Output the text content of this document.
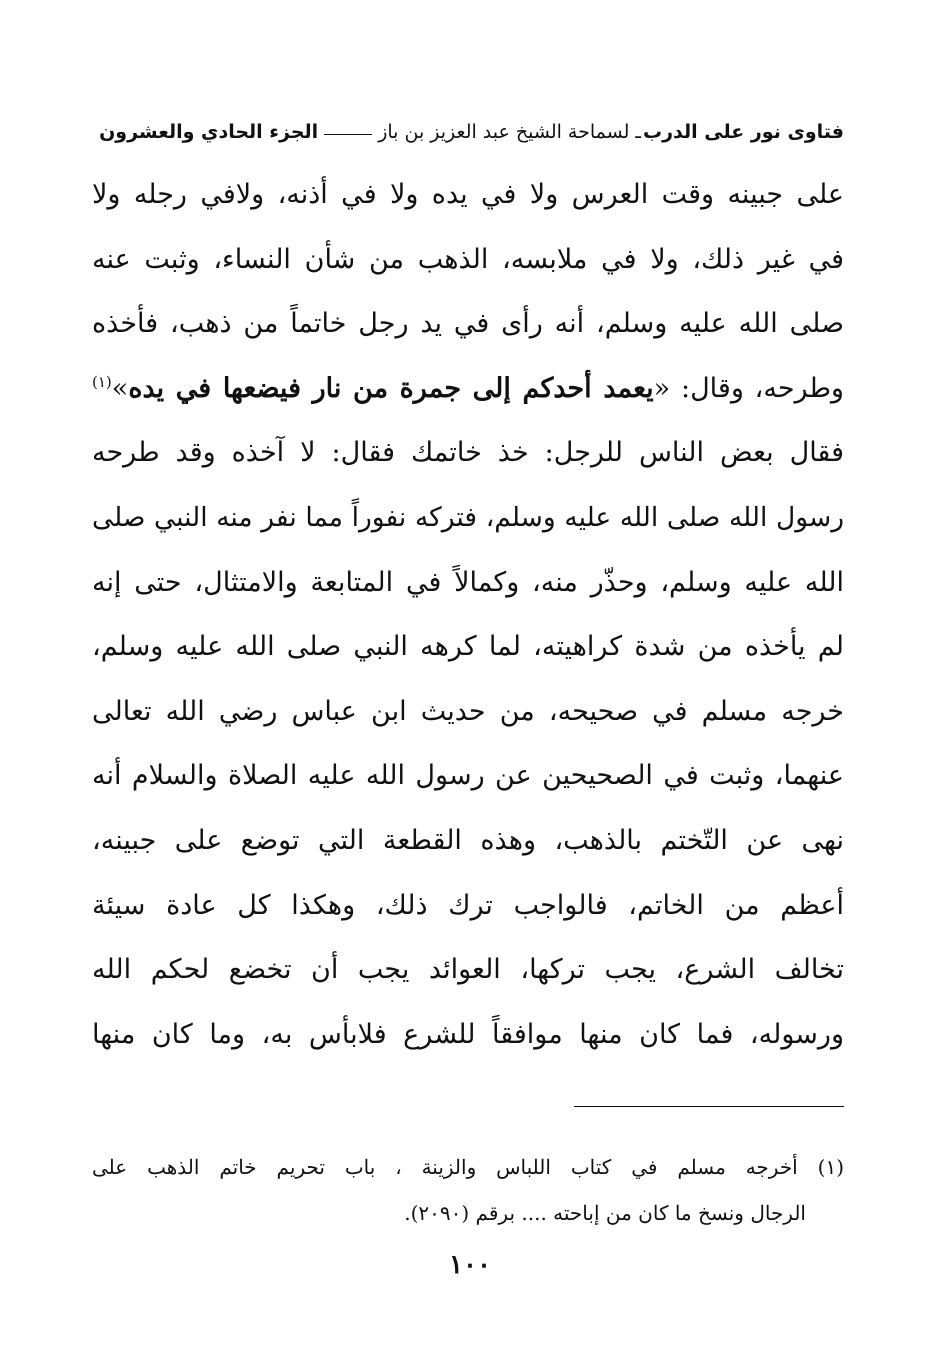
فتاوى نور على الدرب
ـ لسماحة الشيخ عبد العزيز بن باز
الجزء الحادي والعشرون
على جبينه وقت العرس ولا في يده ولا في أذنه، ولافي رجله ولا
في غير ذلك، ولا في ملابسه، الذهب من شأن النساء، وثبت عنه
صلى الله عليه وسلم، أنه رأى في يد رجل خاتماً من ذهب، فأخذه
وطرحه، وقال: «يعمد أحدكم إلى جمرة من نار فيضعها في يده»$^{(١)}$
فقال بعض الناس للرجل: خذ خاتمك فقال: لا آخذه وقد طرحه
رسول الله صلى الله عليه وسلم، فتركه نفوراً مما نفر منه النبي صلى
الله عليه وسلم، وحذّر منه، وكمالاً في المتابعة والامتثال، حتى إنه
لم يأخذه من شدة كراهيته، لما كرهه النبي صلى الله عليه وسلم،
خرجه مسلم في صحيحه، من حديث ابن عباس رضي الله تعالى
عنهما، وثبت في الصحيحين عن رسول الله عليه الصلاة والسلام أنه
نهى عن التّختم بالذهب، وهذه القطعة التي توضع على جبينه،
أعظم من الخاتم، فالواجب ترك ذلك، وهكذا كل عادة سيئة
تخالف الشرع، يجب تركها، العوائد يجب أن تخضع لحكم الله
ورسوله، فما كان منها موافقاً للشرع فلابأس به، وما كان منها
(١) أخرجه مسلم في كتاب اللباس والزينة ، باب تحريم خاتم الذهب على
الرجال ونسخ ما كان من إباحته .... برقم (٢٠٩٠).
١٠٠
